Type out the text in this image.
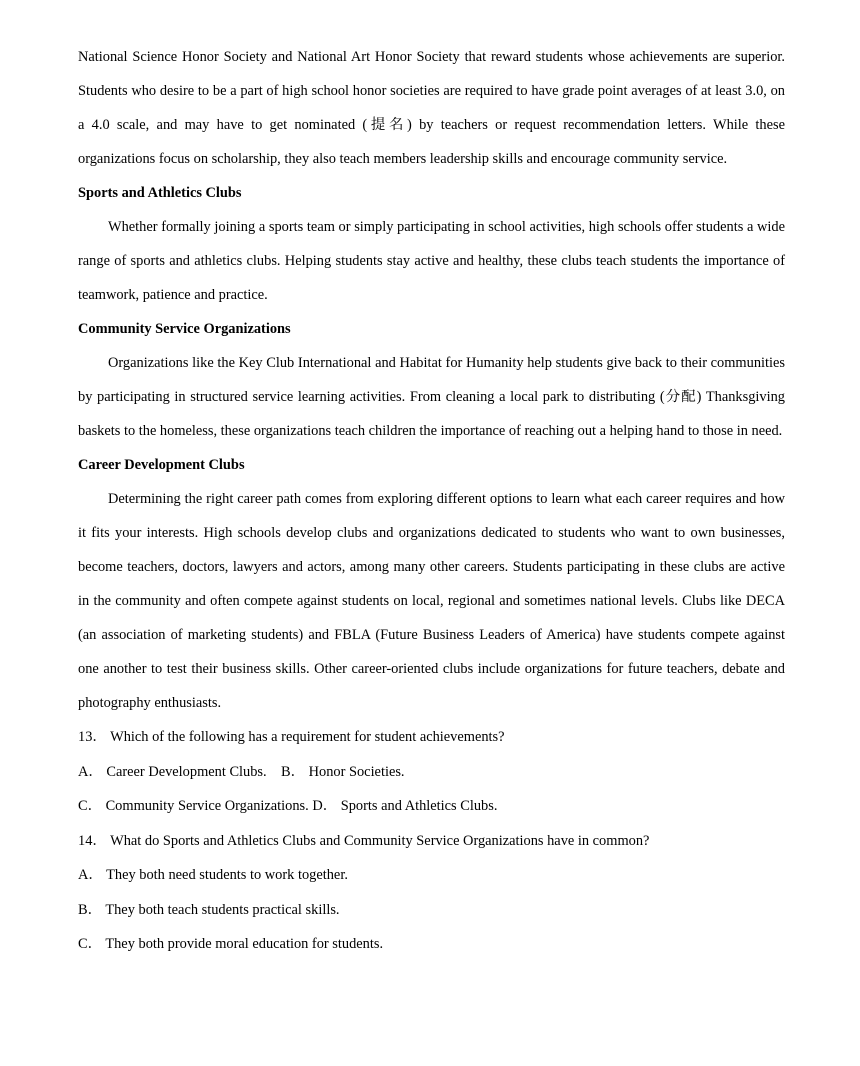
National Science Honor Society and National Art Honor Society that reward students whose achievements are superior. Students who desire to be a part of high school honor societies are required to have grade point averages of at least 3.0, on a 4.0 scale, and may have to get nominated (提名) by teachers or request recommendation letters. While these organizations focus on scholarship, they also teach members leadership skills and encourage community service.

Sports and Athletics Clubs

Whether formally joining a sports team or simply participating in school activities, high schools offer students a wide range of sports and athletics clubs. Helping students stay active and healthy, these clubs teach students the importance of teamwork, patience and practice.

Community Service Organizations

Organizations like the Key Club International and Habitat for Humanity help students give back to their communities by participating in structured service learning activities. From cleaning a local park to distributing (分配) Thanksgiving baskets to the homeless, these organizations teach children the importance of reaching out a helping hand to those in need.

Career Development Clubs

Determining the right career path comes from exploring different options to learn what each career requires and how it fits your interests. High schools develop clubs and organizations dedicated to students who want to own businesses, become teachers, doctors, lawyers and actors, among many other careers. Students participating in these clubs are active in the community and often compete against students on local, regional and sometimes national levels. Clubs like DECA (an association of marketing students) and FBLA (Future Business Leaders of America) have students compete against one another to test their business skills. Other career-oriented clubs include organizations for future teachers, debate and photography enthusiasts.

13． Which of the following has a requirement for student achievements?

A． Career Development Clubs.    B． Honor Societies.

C． Community Service Organizations. D． Sports and Athletics Clubs.

14． What do Sports and Athletics Clubs and Community Service Organizations have in common?

A． They both need students to work together.

B． They both teach students practical skills.

C． They both provide moral education for students.
